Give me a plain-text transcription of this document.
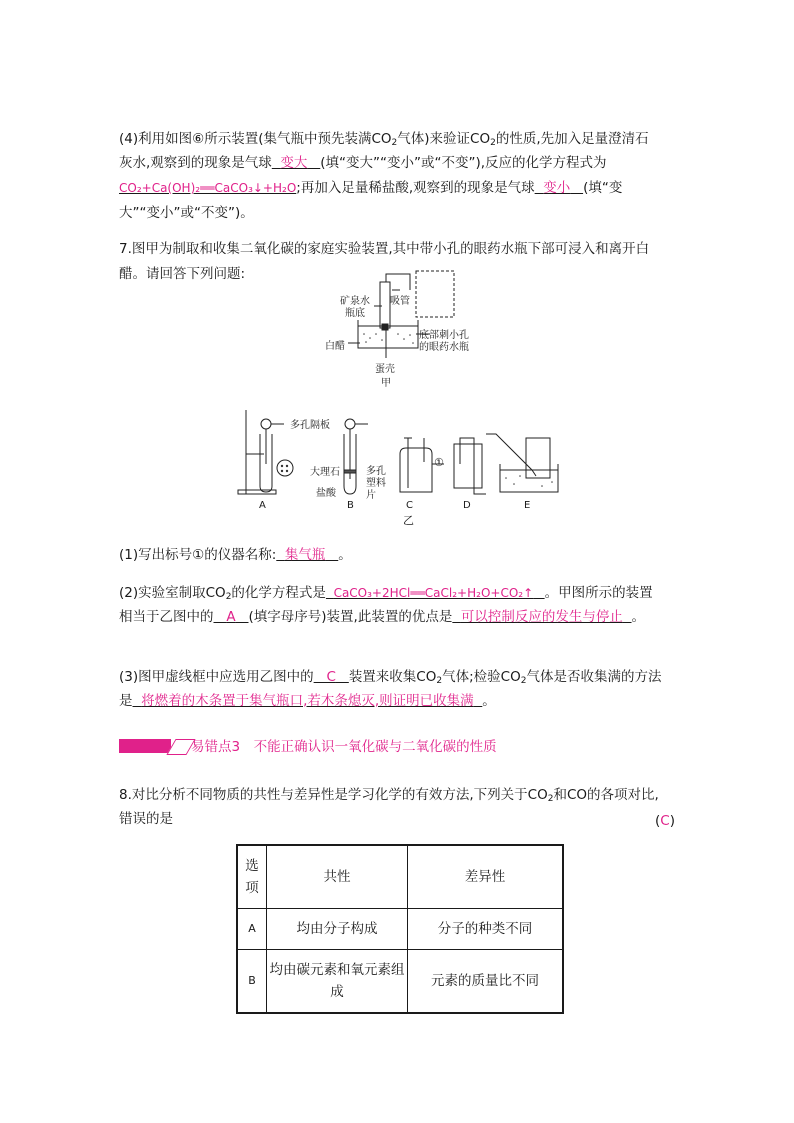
(4)利用如图⑥所示装置(集气瓶中预先装满$CO_2$气体)来验证$CO_2$的性质,先加入足量澄清石

灰水,观察到的现象是气球 变大 (填“变大”“变小”或“不变”),反应的化学方程式为

CO₂+Ca(OH)₂══CaCO₃↓+H₂O;再加入足量稀盐酸,观察到的现象是气球 变小 (填“变

大”“变小”或“不变”)。

7.图甲为制取和收集二氧化碳的家庭实验装置,其中带小孔的眼药水瓶下部可浸入和离开白

醋。请回答下列问题:

矿泉水瓶底
吸管
白醋
底部刺小孔的眼药水瓶
蛋壳
甲
多孔隔板
大理石
盐酸
多孔塑料片
①
A	B	C	D	E
乙

(1)写出标号①的仪器名称: 集气瓶 。

(2)实验室制取$CO_2$的化学方程式是 CaCO₃+2HCl══CaCl₂+H₂O+CO₂↑ 。甲图所示的装置

相当于乙图中的 A (填字母序号)装置,此装置的优点是 可以控制反应的发生与停止 。

(3)图甲虚线框中应选用乙图中的 C 装置来收集$CO_2$气体;检验$CO_2$气体是否收集满的方法

是 将燃着的木条置于集气瓶口,若木条熄灭,则证明已收集满 。

易错点3　不能正确认识一氧化碳与二氧化碳的性质

8.对比分析不同物质的共性与差异性是学习化学的有效方法,下列关于$CO_2$和CO的各项对比,

错误的是	(C)
选项	共性	差异性
A	均由分子构成	分子的种类不同
B	均由碳元素和氧元素组成	元素的质量比不同
